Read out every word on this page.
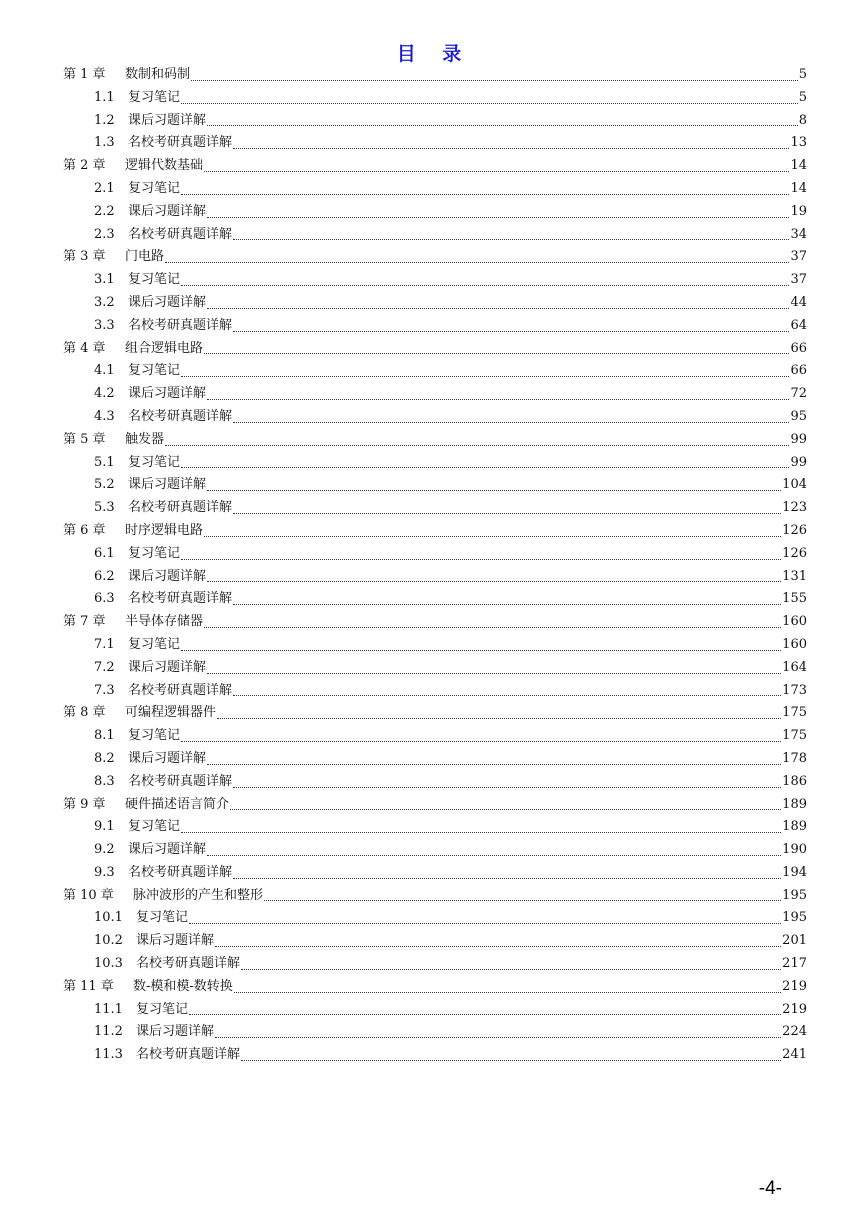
目 录
第 1 章	数制和码制	5
1.1	复习笔记	5
1.2	课后习题详解	8
1.3	名校考研真题详解	13
第 2 章	逻辑代数基础	14
2.1	复习笔记	14
2.2	课后习题详解	19
2.3	名校考研真题详解	34
第 3 章	门电路	37
3.1	复习笔记	37
3.2	课后习题详解	44
3.3	名校考研真题详解	64
第 4 章	组合逻辑电路	66
4.1	复习笔记	66
4.2	课后习题详解	72
4.3	名校考研真题详解	95
第 5 章	触发器	99
5.1	复习笔记	99
5.2	课后习题详解	104
5.3	名校考研真题详解	123
第 6 章	时序逻辑电路	126
6.1	复习笔记	126
6.2	课后习题详解	131
6.3	名校考研真题详解	155
第 7 章	半导体存储器	160
7.1	复习笔记	160
7.2	课后习题详解	164
7.3	名校考研真题详解	173
第 8 章	可编程逻辑器件	175
8.1	复习笔记	175
8.2	课后习题详解	178
8.3	名校考研真题详解	186
第 9 章	硬件描述语言简介	189
9.1	复习笔记	189
9.2	课后习题详解	190
9.3	名校考研真题详解	194
第 10 章	脉冲波形的产生和整形	195
10.1	复习笔记	195
10.2	课后习题详解	201
10.3	名校考研真题详解	217
第 11 章	数-模和模-数转换	219
11.1	复习笔记	219
11.2	课后习题详解	224
11.3	名校考研真题详解	241
-4-
